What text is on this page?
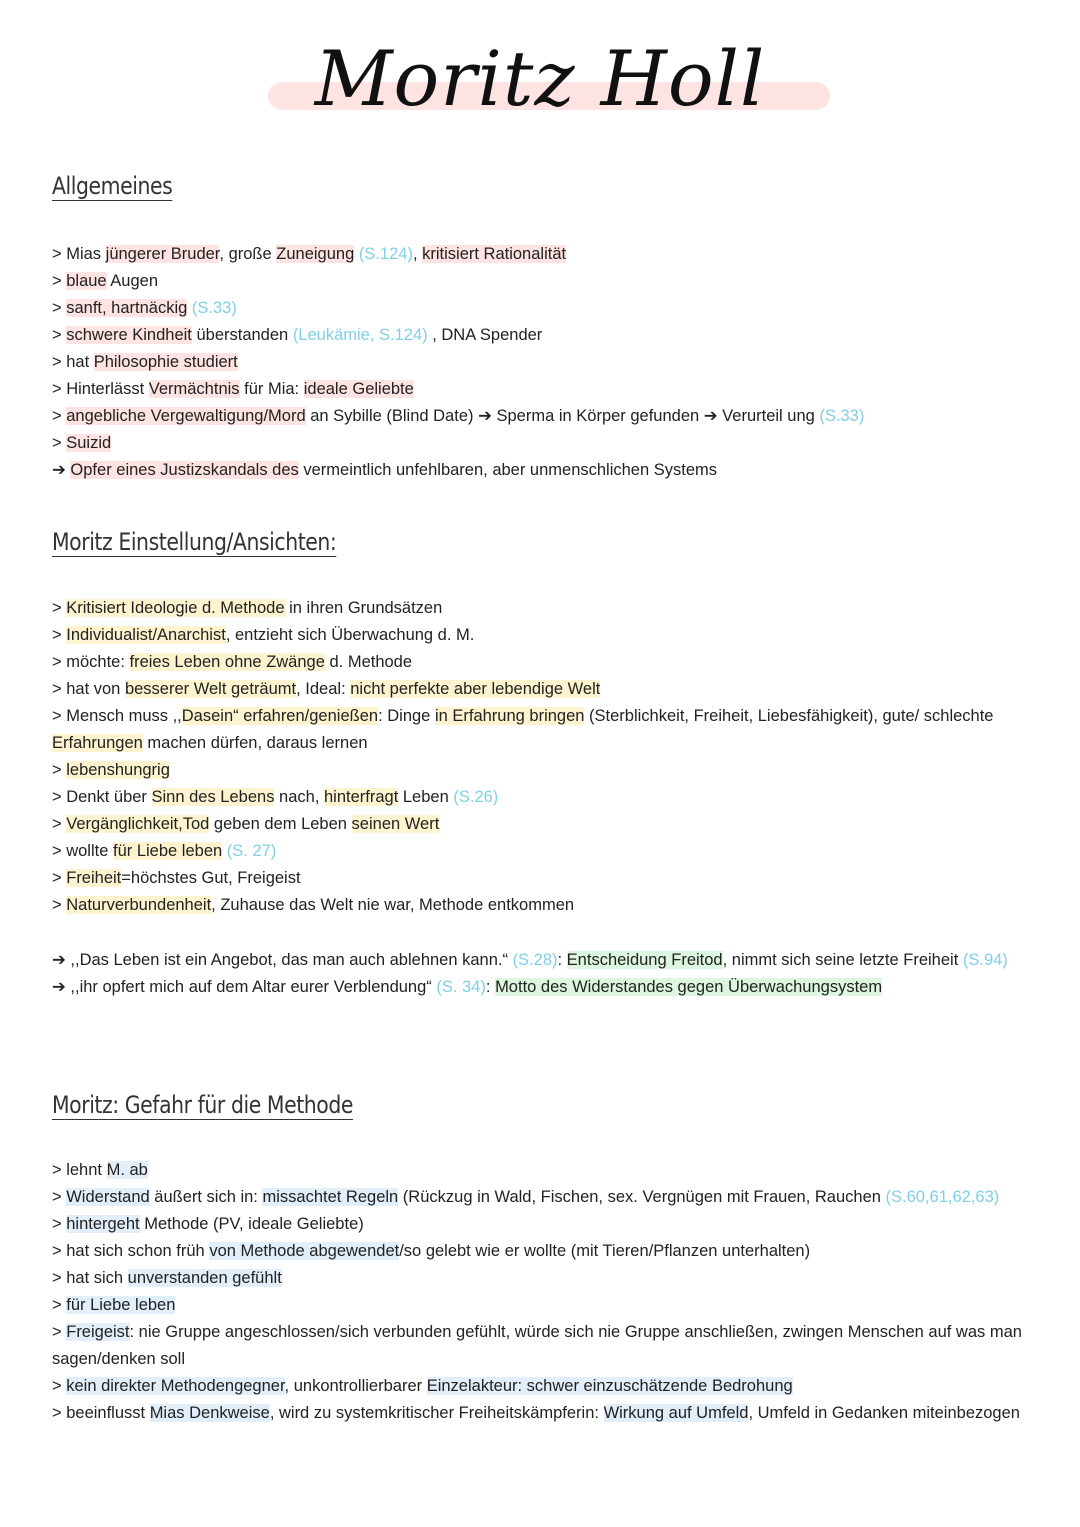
Moritz Holl
Allgemeines
> Mias jüngerer Bruder, große Zuneigung (S.124), kritisiert Rationalität
> blaue Augen
> sanft, hartnäckig (S.33)
> schwere Kindheit überstanden (Leukämie, S.124) , DNA Spender
> hat Philosophie studiert
> Hinterlässt Vermächtnis für Mia: ideale Geliebte
> angebliche Vergewaltigung/Mord an Sybille (Blind Date) ➔ Sperma in Körper gefunden ➔ Verurteil ung (S.33)
> Suizid
➔ Opfer eines Justizskandals des vermeintlich unfehlbaren, aber unmenschlichen Systems
Moritz Einstellung/Ansichten:
> Kritisiert Ideologie d. Methode in ihren Grundsätzen
> Individualist/Anarchist, entzieht sich Überwachung d. M.
> möchte: freies Leben ohne Zwänge d. Methode
> hat von besserer Welt geträumt, Ideal: nicht perfekte aber lebendige Welt
> Mensch muss ,,Dasein“ erfahren/genießen: Dinge in Erfahrung bringen (Sterblichkeit, Freiheit, Liebesfähigkeit), gute/ schlechte Erfahrungen machen dürfen, daraus lernen
> lebenshungrig
> Denkt über Sinn des Lebens nach, hinterfragt Leben (S.26)
> Vergänglichkeit,Tod geben dem Leben seinen Wert
> wollte für Liebe leben (S. 27)
> Freiheit=höchstes Gut, Freigeist
> Naturverbundenheit, Zuhause das Welt nie war, Methode entkommen
➔ ,,Das Leben ist ein Angebot, das man auch ablehnen kann.“ (S.28): Entscheidung Freitod, nimmt sich seine letzte Freiheit (S.94)
➔ ,,ihr opfert mich auf dem Altar eurer Verblendung“ (S. 34): Motto des Widerstandes gegen Überwachungsystem
Moritz: Gefahr für die Methode
> lehnt M. ab
> Widerstand äußert sich in: missachtet Regeln (Rückzug in Wald, Fischen, sex. Vergnügen mit Frauen, Rauchen (S.60,61,62,63)
> hintergeht Methode (PV, ideale Geliebte)
> hat sich schon früh von Methode abgewendet/so gelebt wie er wollte (mit Tieren/Pflanzen unterhalten)
> hat sich unverstanden gefühlt
> für Liebe leben
> Freigeist: nie Gruppe angeschlossen/sich verbunden gefühlt, würde sich nie Gruppe anschließen, zwingen Menschen auf was man sagen/denken soll
> kein direkter Methodengegner, unkontrollierbarer Einzelakteur: schwer einzuschätzende Bedrohung
> beeinflusst Mias Denkweise, wird zu systemkritischer Freiheitskämpferin: Wirkung auf Umfeld, Umfeld in Gedanken miteinbezogen
